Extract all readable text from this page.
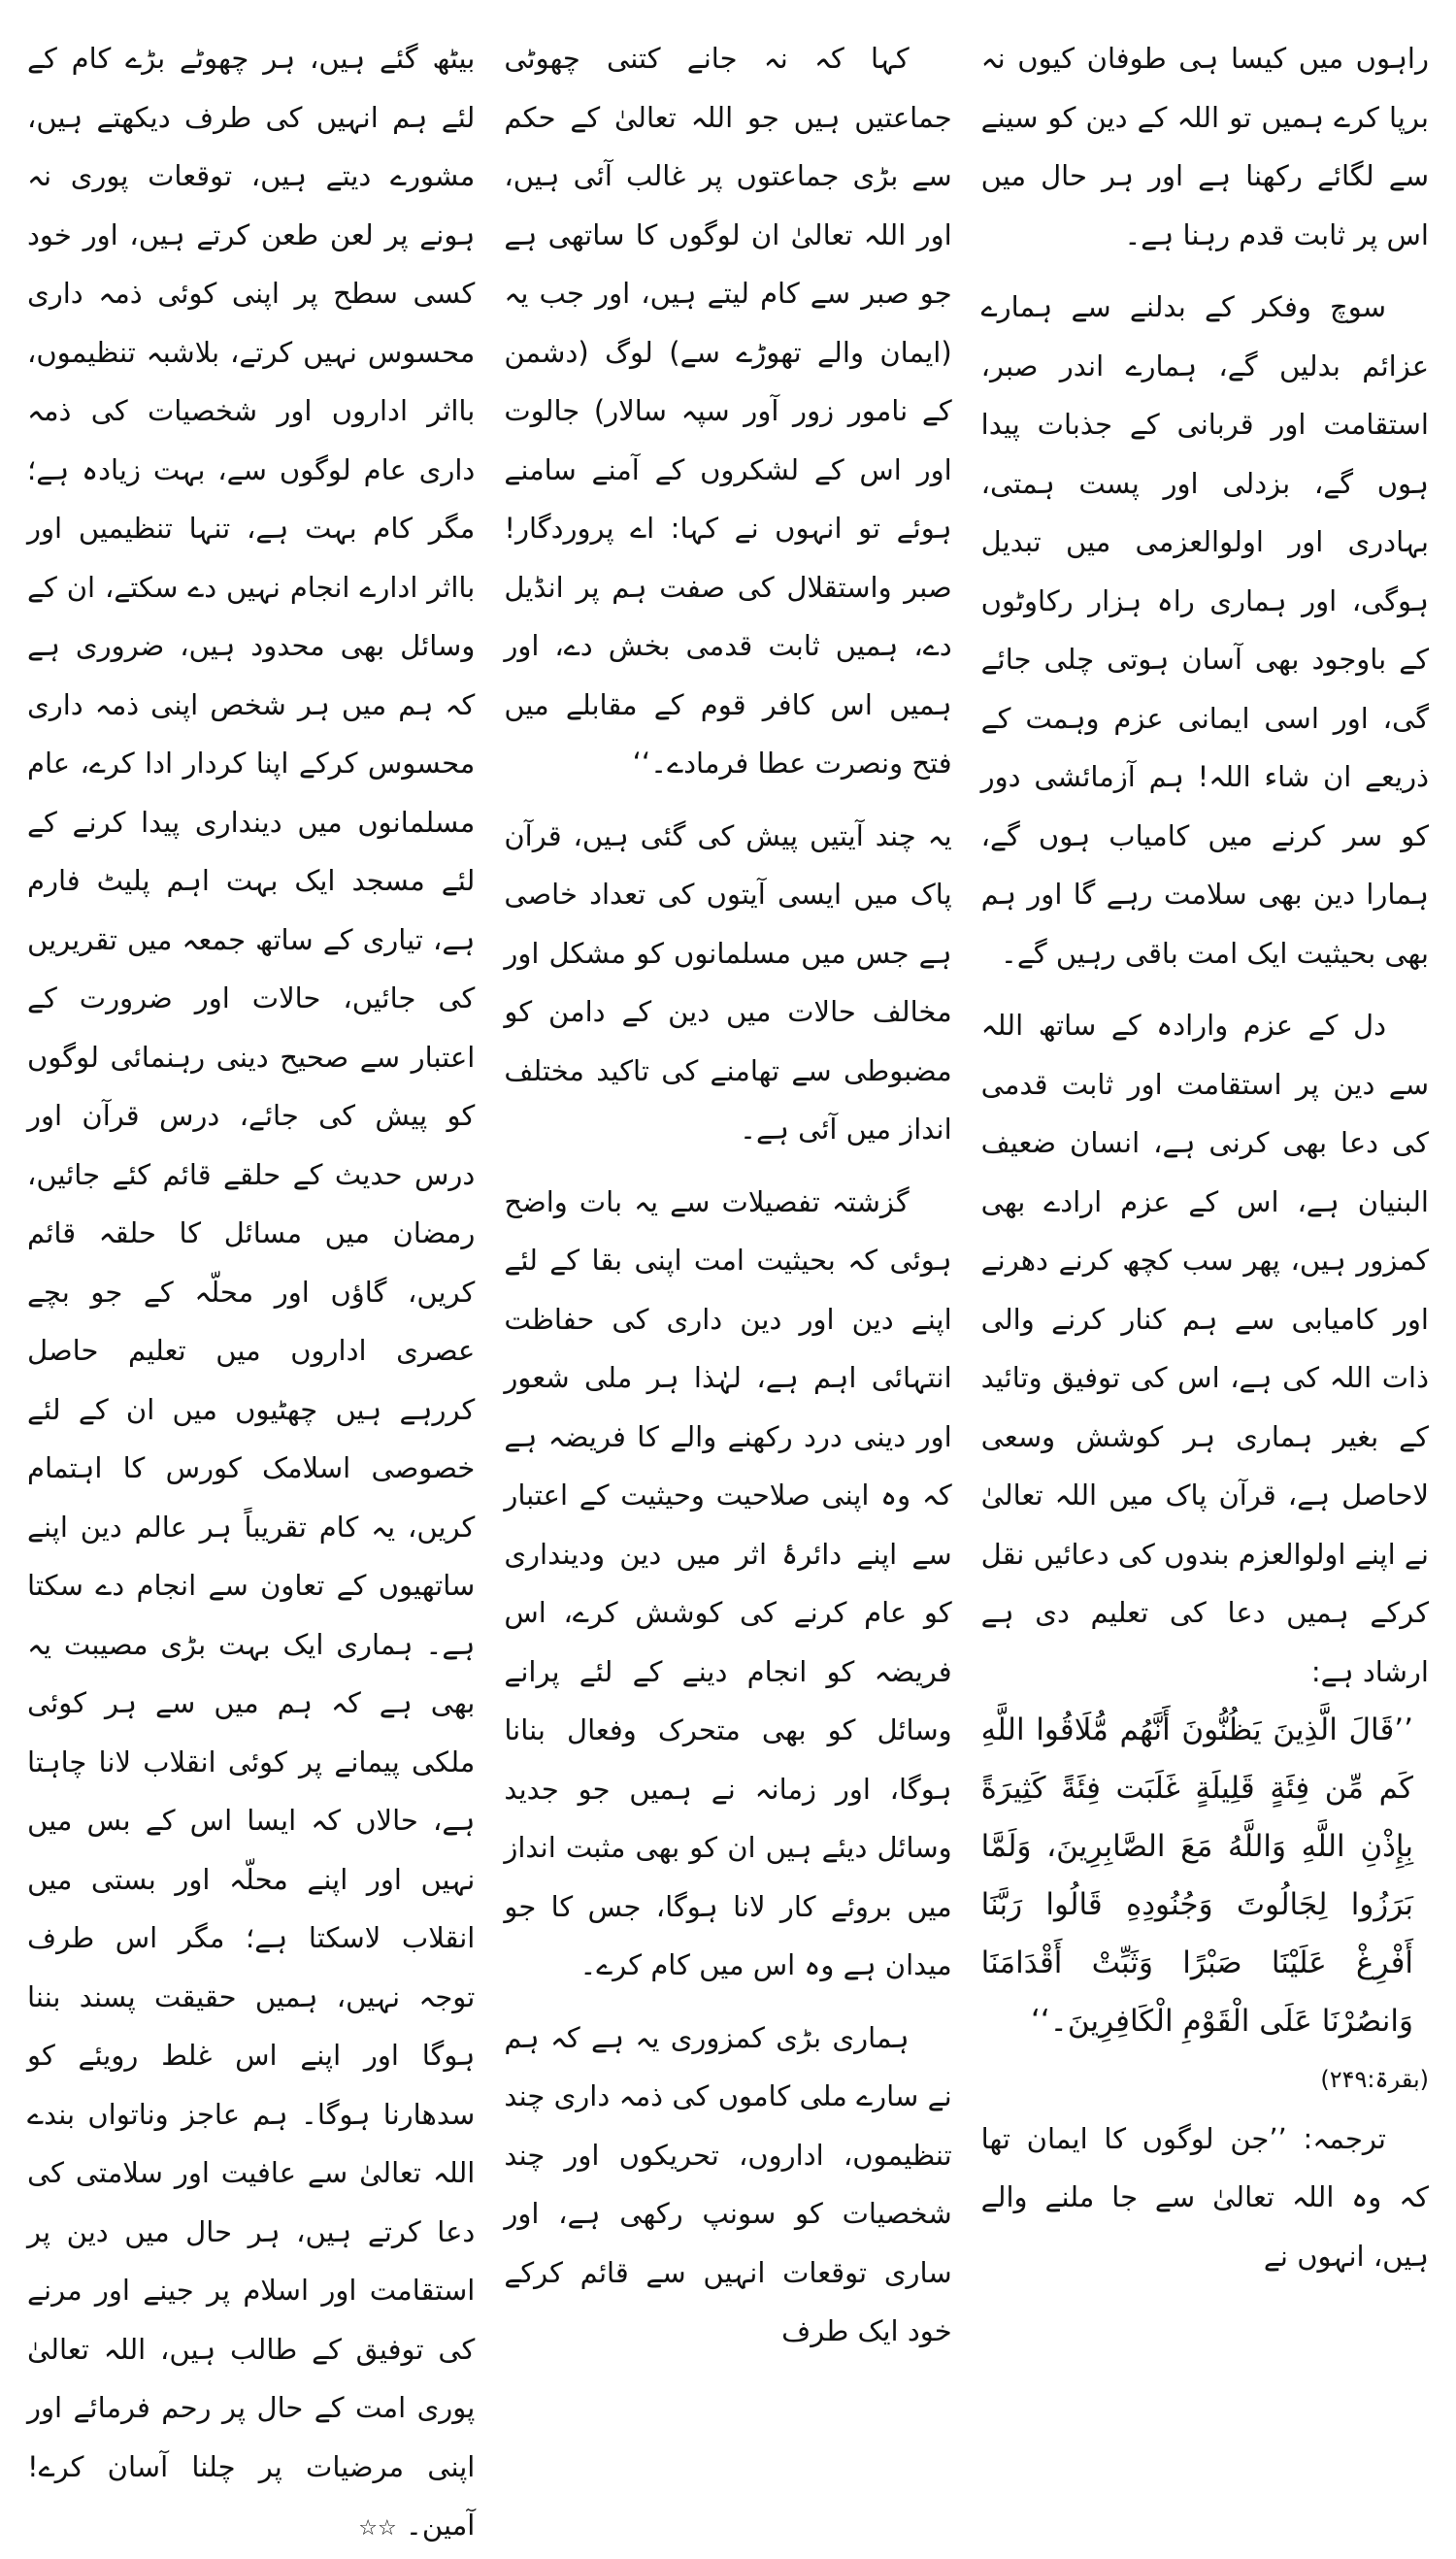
راہوں میں کیسا ہی طوفان کیوں نہ برپا کرے ہمیں تو اللہ کے دین کو سینے سے لگائے رکھنا ہے اور ہر حال میں اس پر ثابت قدم رہنا ہے۔

سوچ وفکر کے بدلنے سے ہمارے عزائم بدلیں گے، ہمارے اندر صبر، استقامت اور قربانی کے جذبات پیدا ہوں گے، بزدلی اور پست ہمتی، بہادری اور اولوالعزمی میں تبدیل ہوگی، اور ہماری راہ ہزار رکاوٹوں کے باوجود بھی آسان ہوتی چلی جائے گی، اور اسی ایمانی عزم وہمت کے ذریعے ان شاء اللہ! ہم آزمائشی دور کو سر کرنے میں کامیاب ہوں گے، ہمارا دین بھی سلامت رہے گا اور ہم بھی بحیثیت ایک امت باقی رہیں گے۔

دل کے عزم وارادہ کے ساتھ اللہ سے دین پر استقامت اور ثابت قدمی کی دعا بھی کرنی ہے، انسان ضعیف البنیان ہے، اس کے عزم ارادے بھی کمزور ہیں، پھر سب کچھ کرنے دھرنے اور کامیابی سے ہم کنار کرنے والی ذات اللہ کی ہے، اس کی توفیق وتائید کے بغیر ہماری ہر کوشش وسعی لاحاصل ہے، قرآن پاک میں اللہ تعالیٰ نے اپنے اولوالعزم بندوں کی دعائیں نقل کرکے ہمیں دعا کی تعلیم دی ہے ارشاد ہے:

’’قَالَ الَّذِينَ يَظُنُّونَ أَنَّهُم مُّلَاقُوا اللَّهِ كَم مِّن فِئَةٍ قَلِيلَةٍ غَلَبَت فِئَةً كَثِيرَةً بِإِذْنِ اللَّهِ وَاللَّهُ مَعَ الصَّابِرِينَ، وَلَمَّا بَرَزُوا لِجَالُوتَ وَجُنُودِهِ قَالُوا رَبَّنَا أَفْرِغْ عَلَيْنَا صَبْرًا وَثَبِّتْ أَقْدَامَنَا وَانصُرْنَا عَلَى الْقَوْمِ الْكَافِرِينَ۔‘‘

(بقرۃ:۲۴۹)

ترجمہ: ’’جن لوگوں کا ایمان تھا کہ وہ اللہ تعالیٰ سے جا ملنے والے ہیں، انہوں نے

کہا کہ نہ جانے کتنی چھوٹی جماعتیں ہیں جو اللہ تعالیٰ کے حکم سے بڑی جماعتوں پر غالب آئی ہیں، اور اللہ تعالیٰ ان لوگوں کا ساتھی ہے جو صبر سے کام لیتے ہیں، اور جب یہ (ایمان والے تھوڑے سے) لوگ (دشمن کے نامور زور آور سپہ سالار) جالوت اور اس کے لشکروں کے آمنے سامنے ہوئے تو انہوں نے کہا: اے پروردگار! صبر واستقلال کی صفت ہم پر انڈیل دے، ہمیں ثابت قدمی بخش دے، اور ہمیں اس کافر قوم کے مقابلے میں فتح ونصرت عطا فرمادے۔‘‘

یہ چند آیتیں پیش کی گئی ہیں، قرآن پاک میں ایسی آیتوں کی تعداد خاصی ہے جس میں مسلمانوں کو مشکل اور مخالف حالات میں دین کے دامن کو مضبوطی سے تھامنے کی تاکید مختلف انداز میں آئی ہے۔

گزشتہ تفصیلات سے یہ بات واضح ہوئی کہ بحیثیت امت اپنی بقا کے لئے اپنے دین اور دین داری کی حفاظت انتہائی اہم ہے، لہٰذا ہر ملی شعور اور دینی درد رکھنے والے کا فریضہ ہے کہ وہ اپنی صلاحیت وحیثیت کے اعتبار سے اپنے دائرۂ اثر میں دین ودینداری کو عام کرنے کی کوشش کرے، اس فریضہ کو انجام دینے کے لئے پرانے وسائل کو بھی متحرک وفعال بنانا ہوگا، اور زمانہ نے ہمیں جو جدید وسائل دیئے ہیں ان کو بھی مثبت انداز میں بروئے کار لانا ہوگا، جس کا جو میدان ہے وہ اس میں کام کرے۔

ہماری بڑی کمزوری یہ ہے کہ ہم نے سارے ملی کاموں کی ذمہ داری چند تنظیموں، اداروں، تحریکوں اور چند شخصیات کو سونپ رکھی ہے، اور ساری توقعات انہیں سے قائم کرکے خود ایک طرف

بیٹھ گئے ہیں، ہر چھوٹے بڑے کام کے لئے ہم انہیں کی طرف دیکھتے ہیں، مشورے دیتے ہیں، توقعات پوری نہ ہونے پر لعن طعن کرتے ہیں، اور خود کسی سطح پر اپنی کوئی ذمہ داری محسوس نہیں کرتے، بلاشبہ تنظیموں، بااثر اداروں اور شخصیات کی ذمہ داری عام لوگوں سے، بہت زیادہ ہے؛ مگر کام بہت ہے، تنہا تنظیمیں اور بااثر ادارے انجام نہیں دے سکتے، ان کے وسائل بھی محدود ہیں، ضروری ہے کہ ہم میں ہر شخص اپنی ذمہ داری محسوس کرکے اپنا کردار ادا کرے، عام مسلمانوں میں دینداری پیدا کرنے کے لئے مسجد ایک بہت اہم پلیٹ فارم ہے، تیاری کے ساتھ جمعہ میں تقریریں کی جائیں، حالات اور ضرورت کے اعتبار سے صحیح دینی رہنمائی لوگوں کو پیش کی جائے، درس قرآن اور درس حدیث کے حلقے قائم کئے جائیں، رمضان میں مسائل کا حلقہ قائم کریں، گاؤں اور محلّہ کے جو بچے عصری اداروں میں تعلیم حاصل کررہے ہیں چھٹیوں میں ان کے لئے خصوصی اسلامک کورس کا اہتمام کریں، یہ کام تقریباً ہر عالم دین اپنے ساتھیوں کے تعاون سے انجام دے سکتا ہے۔ ہماری ایک بہت بڑی مصیبت یہ بھی ہے کہ ہم میں سے ہر کوئی ملکی پیمانے پر کوئی انقلاب لانا چاہتا ہے، حالاں کہ ایسا اس کے بس میں نہیں اور اپنے محلّہ اور بستی میں انقلاب لاسکتا ہے؛ مگر اس طرف توجہ نہیں، ہمیں حقیقت پسند بننا ہوگا اور اپنے اس غلط رویئے کو سدھارنا ہوگا۔ ہم عاجز وناتواں بندے اللہ تعالیٰ سے عافیت اور سلامتی کی دعا کرتے ہیں، ہر حال میں دین پر استقامت اور اسلام پر جینے اور مرنے کی توفیق کے طالب ہیں، اللہ تعالیٰ پوری امت کے حال پر رحم فرمائے اور اپنی مرضیات پر چلنا آسان کرے! آمین۔ ☆☆
